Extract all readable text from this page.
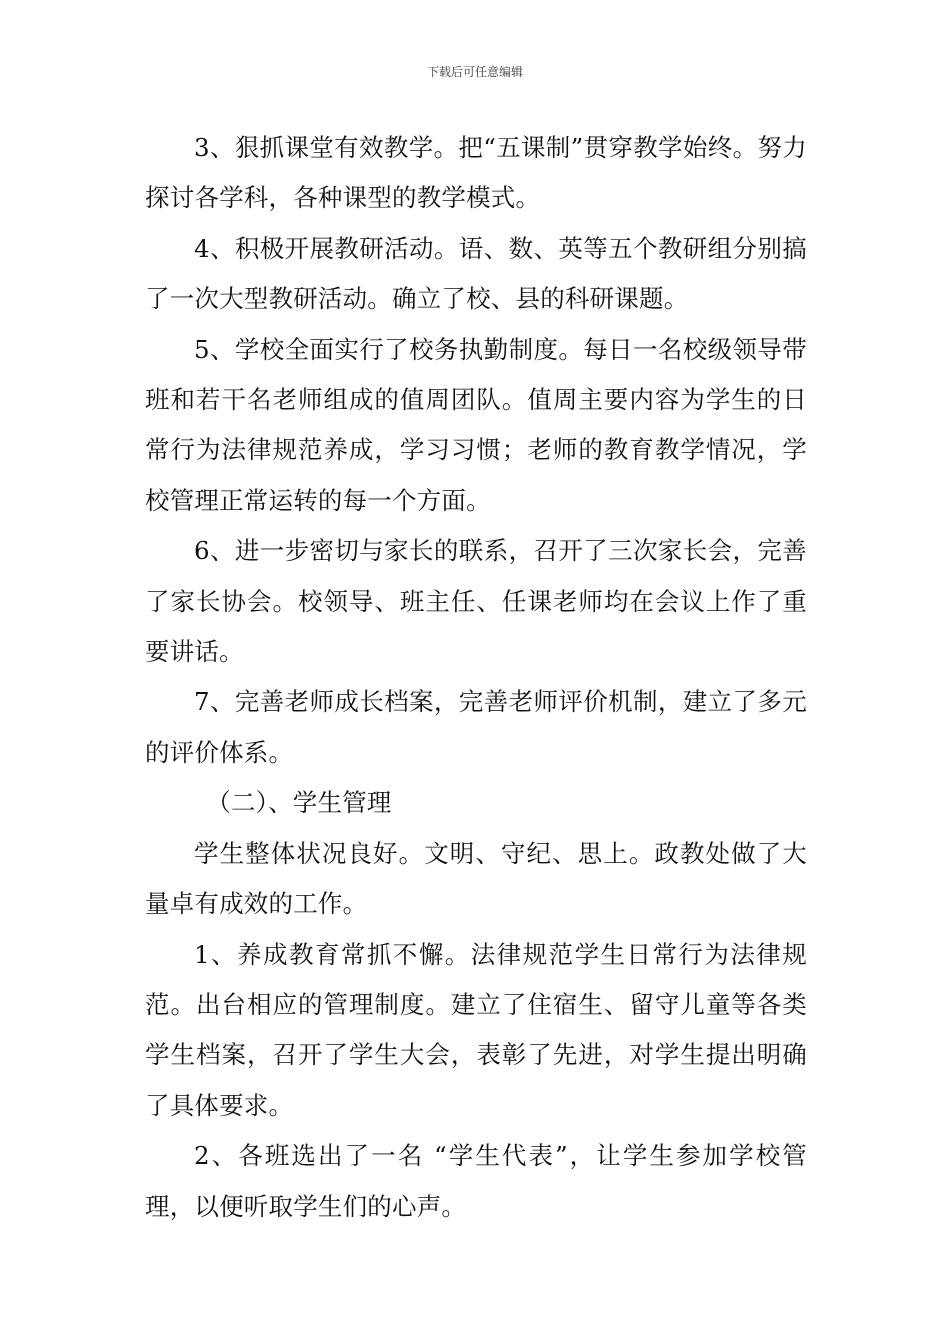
下载后可任意编辑

3、狠抓课堂有效教学。把“五课制”贯穿教学始终。努力探讨各学科，各种课型的教学模式。

4、积极开展教研活动。语、数、英等五个教研组分别搞了一次大型教研活动。确立了校、县的科研课题。

5、学校全面实行了校务执勤制度。每日一名校级领导带班和若干名老师组成的值周团队。值周主要内容为学生的日常行为法律规范养成，学习习惯；老师的教育教学情况，学校管理正常运转的每一个方面。

6、进一步密切与家长的联系，召开了三次家长会，完善了家长协会。校领导、班主任、任课老师均在会议上作了重要讲话。

7、完善老师成长档案，完善老师评价机制，建立了多元的评价体系。

（二）、学生管理

学生整体状况良好。文明、守纪、思上。政教处做了大量卓有成效的工作。

1、养成教育常抓不懈。法律规范学生日常行为法律规范。出台相应的管理制度。建立了住宿生、留守儿童等各类学生档案，召开了学生大会，表彰了先进，对学生提出明确了具体要求。

2、各班选出了一名 “学生代表”，让学生参加学校管理，以便听取学生们的心声。
